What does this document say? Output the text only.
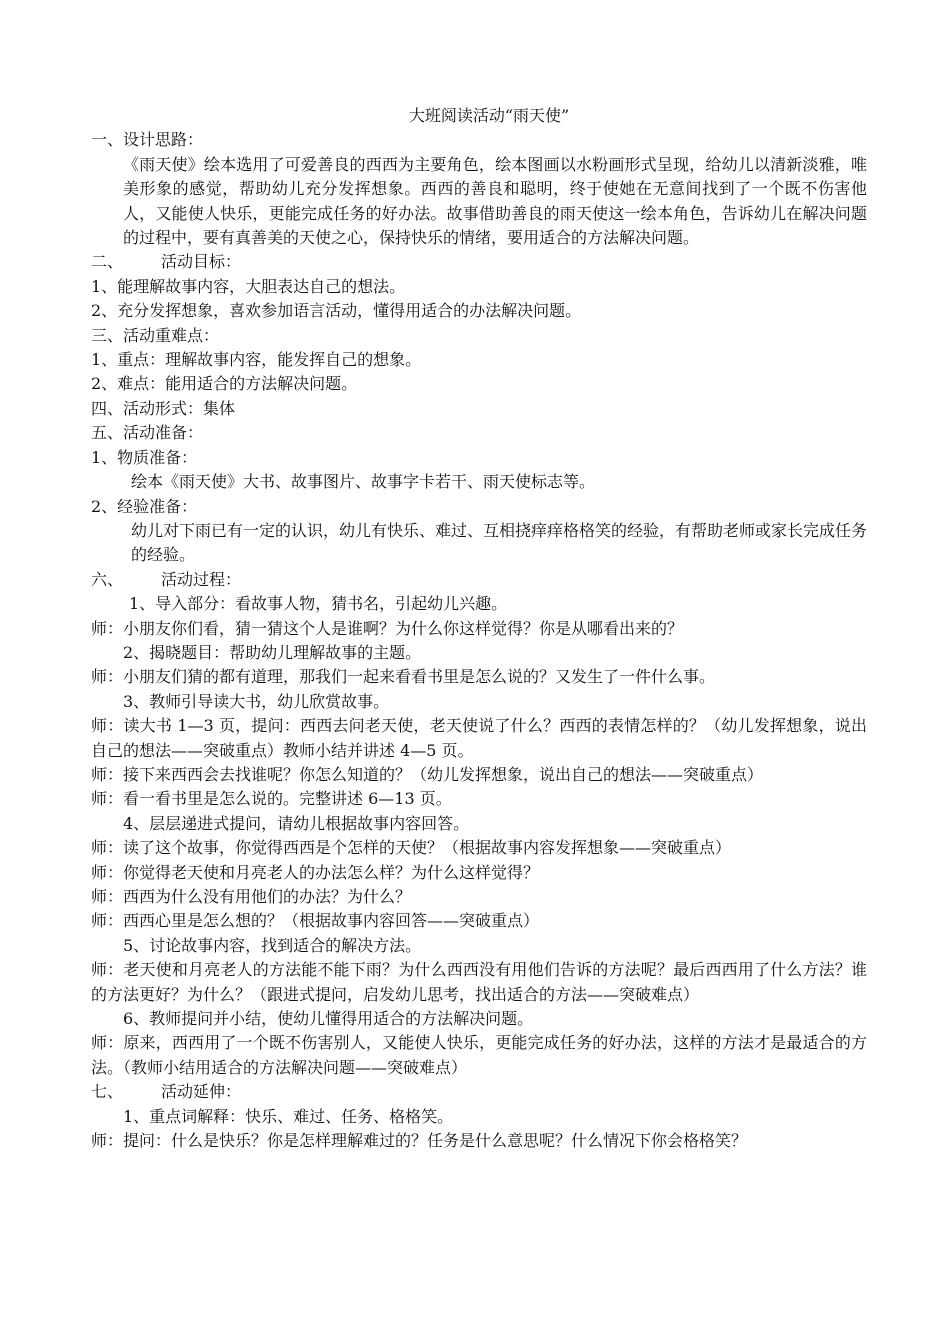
大班阅读活动“雨天使”
一、设计思路：
《雨天使》绘本选用了可爱善良的西西为主要角色，绘本图画以水粉画形式呈现，给幼儿以清新淡雅，唯美形象的感觉，帮助幼儿充分发挥想象。西西的善良和聪明，终于使她在无意间找到了一个既不伤害他人，又能使人快乐，更能完成任务的好办法。故事借助善良的雨天使这一绘本角色，告诉幼儿在解决问题的过程中，要有真善美的天使之心，保持快乐的情绪，要用适合的方法解决问题。
二、 活动目标：
1、能理解故事内容，大胆表达自己的想法。
2、充分发挥想象，喜欢参加语言活动，懂得用适合的办法解决问题。
三、活动重难点：
1、重点：理解故事内容，能发挥自己的想象。
2、难点：能用适合的方法解决问题。
四、活动形式：集体
五、活动准备：
1、物质准备：
绘本《雨天使》大书、故事图片、故事字卡若干、雨天使标志等。
2、经验准备：
幼儿对下雨已有一定的认识，幼儿有快乐、难过、互相挠痒痒格格笑的经验，有帮助老师或家长完成任务的经验。
六、 活动过程：
1、导入部分：看故事人物，猜书名，引起幼儿兴趣。
师：小朋友你们看，猜一猜这个人是谁啊？为什么你这样觉得？你是从哪看出来的？
2、揭晓题目：帮助幼儿理解故事的主题。
师：小朋友们猜的都有道理，那我们一起来看看书里是怎么说的？又发生了一件什么事。
3、教师引导读大书，幼儿欣赏故事。
师：读大书 1—3 页，提问：西西去问老天使，老天使说了什么？西西的表情怎样的？（幼儿发挥想象，说出自己的想法——突破重点）教师小结并讲述 4—5 页。
师：接下来西西会去找谁呢？你怎么知道的？（幼儿发挥想象，说出自己的想法——突破重点）
师：看一看书里是怎么说的。完整讲述 6—13 页。
4、层层递进式提问，请幼儿根据故事内容回答。
师：读了这个故事，你觉得西西是个怎样的天使？（根据故事内容发挥想象——突破重点）
师：你觉得老天使和月亮老人的办法怎么样？为什么这样觉得？
师：西西为什么没有用他们的办法？为什么？
师：西西心里是怎么想的？（根据故事内容回答——突破重点）
5、讨论故事内容，找到适合的解决方法。
师：老天使和月亮老人的方法能不能下雨？为什么西西没有用他们告诉的方法呢？最后西西用了什么方法？谁的方法更好？为什么？（跟进式提问，启发幼儿思考，找出适合的方法——突破难点）
6、教师提问并小结，使幼儿懂得用适合的方法解决问题。
师：原来，西西用了一个既不伤害别人，又能使人快乐，更能完成任务的好办法，这样的方法才是最适合的方法。（教师小结用适合的方法解决问题——突破难点）
七、 活动延伸：
1、重点词解释：快乐、难过、任务、格格笑。
师：提问：什么是快乐？你是怎样理解难过的？任务是什么意思呢？什么情况下你会格格笑？
